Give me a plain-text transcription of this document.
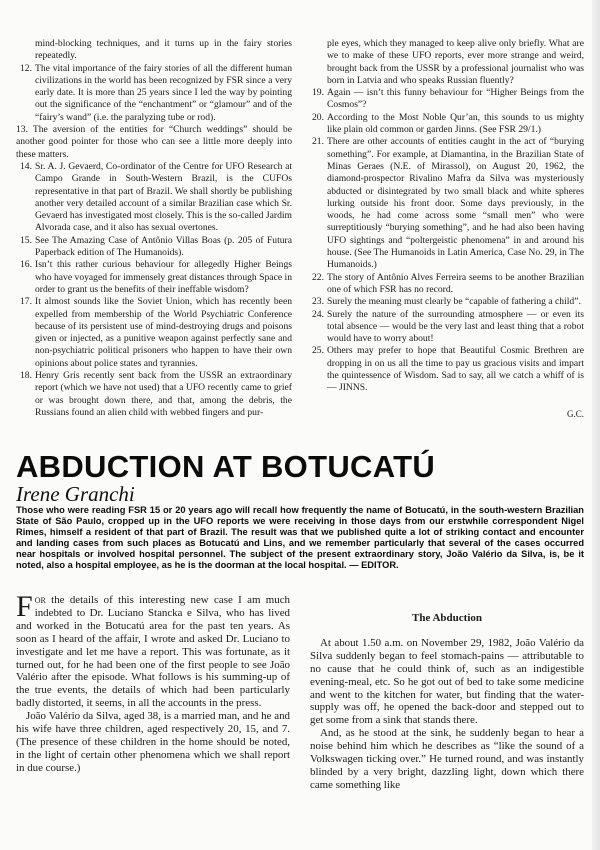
mind-blocking techniques, and it turns up in the fairy stories repeatedly.
12. The vital importance of the fairy stories of all the different human civilizations in the world has been recognized by FSR since a very early date. It is more than 25 years since I led the way by pointing out the significance of the “enchantment” or “glamour” and of the “fairy’s wand” (i.e. the paralyzing tube or rod).
13. The aversion of the entities for “Church weddings” should be another good pointer for those who can see a little more deeply into these matters.
14. Sr. A. J. Gevaerd, Co-ordinator of the Centre for UFO Research at Campo Grande in South-Western Brazil, is the CUFOs representative in that part of Brazil. We shall shortly be publishing another very detailed account of a similar Brazilian case which Sr. Gevaerd has investigated most closely. This is the so-called Jardim Alvorada case, and it also has sexual overtones.
15. See The Amazing Case of Antônio Villas Boas (p. 205 of Futura Paperback edition of The Humanoids).
16. Isn’t this rather curious behaviour for allegedly Higher Beings who have voyaged for immensely great distances through Space in order to grant us the benefits of their ineffable wisdom?
17. It almost sounds like the Soviet Union, which has recently been expelled from membership of the World Psychiatric Conference because of its persistent use of mind-destroying drugs and poisons given or injected, as a punitive weapon against perfectly sane and non-psychiatric political prisoners who happen to have their own opinions about police states and tyrannies.
18. Henry Gris recently sent back from the USSR an extraordinary report (which we have not used) that a UFO recently came to grief or was brought down there, and that, among the debris, the Russians found an alien child with webbed fingers and pur-
ple eyes, which they managed to keep alive only briefly. What are we to make of these UFO reports, ever more strange and weird, brought back from the USSR by a professional journalist who was born in Latvia and who speaks Russian fluently?
19. Again — isn’t this funny behaviour for “Higher Beings from the Cosmos”?
20. According to the Most Noble Qur’an, this sounds to us mighty like plain old common or garden Jinns. (See FSR 29/1.)
21. There are other accounts of entities caught in the act of “burying something”. For example, at Diamantina, in the Brazilian State of Minas Geraes (N.E. of Mirassol), on August 20, 1962, the diamond-prospector Rivalino Mafra da Silva was mysteriously abducted or disintegrated by two small black and white spheres lurking outside his front door. Some days previously, in the woods, he had come across some “small men” who were surreptitiously “burying something”, and he had also been having UFO sightings and “poltergeistic phenomena” in and around his house. (See The Humanoids in Latin America, Case No. 29, in The Humanoids.)
22. The story of Antônio Alves Ferreira seems to be another Brazilian one of which FSR has no record.
23. Surely the meaning must clearly be “capable of fathering a child”.
24. Surely the nature of the surrounding atmosphere — or even its total absence — would be the very last and least thing that a robot would have to worry about!
25. Others may prefer to hope that Beautiful Cosmic Brethren are dropping in on us all the time to pay us gracious visits and impart the quintessence of Wisdom. Sad to say, all we catch a whiff of is — JINNS.
G.C.
ABDUCTION AT BOTUCATÚ
Irene Granchi
Those who were reading FSR 15 or 20 years ago will recall how frequently the name of Botucatú, in the south-western Brazilian State of São Paulo, cropped up in the UFO reports we were receiving in those days from our erstwhile correspondent Nigel Rimes, himself a resident of that part of Brazil. The result was that we published quite a lot of striking contact and encounter and landing cases from such places as Botucatú and Lins, and we remember particularly that several of the cases occurred near hospitals or involved hospital personnel. The subject of the present extraordinary story, João Valério da Silva, is, be it noted, also a hospital employee, as he is the doorman at the local hospital. — EDITOR.

For the details of this interesting new case I am much indebted to Dr. Luciano Stancka e Silva, who has lived and worked in the Botucatú area for the past ten years. As soon as I heard of the affair, I wrote and asked Dr. Luciano to investigate and let me have a report. This was fortunate, as it turned out, for he had been one of the first people to see João Valério after the episode. What follows is his summing-up of the true events, the details of which had been particularly badly distorted, it seems, in all the accounts in the press.

João Valério da Silva, aged 38, is a married man, and he and his wife have three children, aged respectively 20, 15, and 7. (The presence of these children in the home should be noted, in the light of certain other phenomena which we shall report in due course.)

The Abduction

At about 1.50 a.m. on November 29, 1982, João Valério da Silva suddenly began to feel stomach-pains — attributable to no cause that he could think of, such as an indigestible evening-meal, etc. So he got out of bed to take some medicine and went to the kitchen for water, but finding that the water-supply was off, he opened the back-door and stepped out to get some from a sink that stands there.

And, as he stood at the sink, he suddenly began to hear a noise behind him which he describes as “like the sound of a Volkswagen ticking over.” He turned round, and was instantly blinded by a very bright, dazzling light, down which there came something like
